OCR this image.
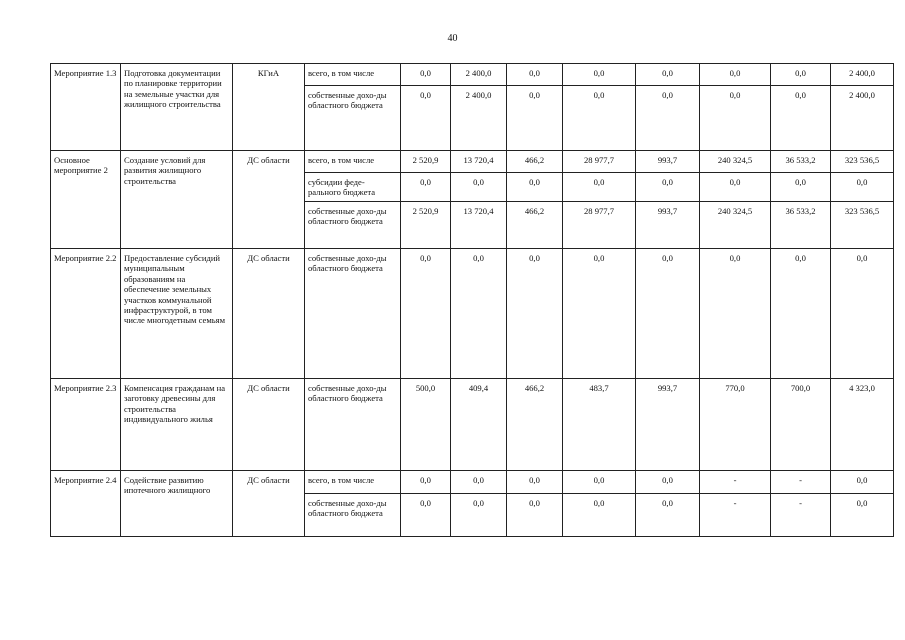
40
Мероприятие 1.3	Подготовка документации по планировке территории на земельные участки для жилищного строительства	КГиА	всего, в том числе	0,0	2 400,0	0,0	0,0	0,0	0,0	0,0	2 400,0
			собственные дохо-ды областного бюджета	0,0	2 400,0	0,0	0,0	0,0	0,0	0,0	2 400,0
Основное мероприятие 2	Создание условий для развития жилищного строительства	ДС области	всего, в том числе	2 520,9	13 720,4	466,2	28 977,7	993,7	240 324,5	36 533,2	323 536,5
			субсидии феде-рального бюджета	0,0	0,0	0,0	0,0	0,0	0,0	0,0	0,0
			собственные дохо-ды областного бюджета	2 520,9	13 720,4	466,2	28 977,7	993,7	240 324,5	36 533,2	323 536,5
Мероприятие 2.2	Предоставление субсидий муниципальным образованиям на обеспечение земельных участков коммунальной инфраструктурой, в том числе многодетным семьям	ДС области	собственные дохо-ды областного бюджета	0,0	0,0	0,0	0,0	0,0	0,0	0,0	0,0
Мероприятие 2.3	Компенсация гражданам на заготовку древесины для строительства индивидуального жилья	ДС области	собственные дохо-ды областного бюджета	500,0	409,4	466,2	483,7	993,7	770,0	700,0	4 323,0
Мероприятие 2.4	Содействие развитию ипотечного жилищного	ДС области	всего, в том числе	0,0	0,0	0,0	0,0	0,0	-	-	0,0
			собственные дохо-ды областного бюджета	0,0	0,0	0,0	0,0	0,0	-	-	0,0
